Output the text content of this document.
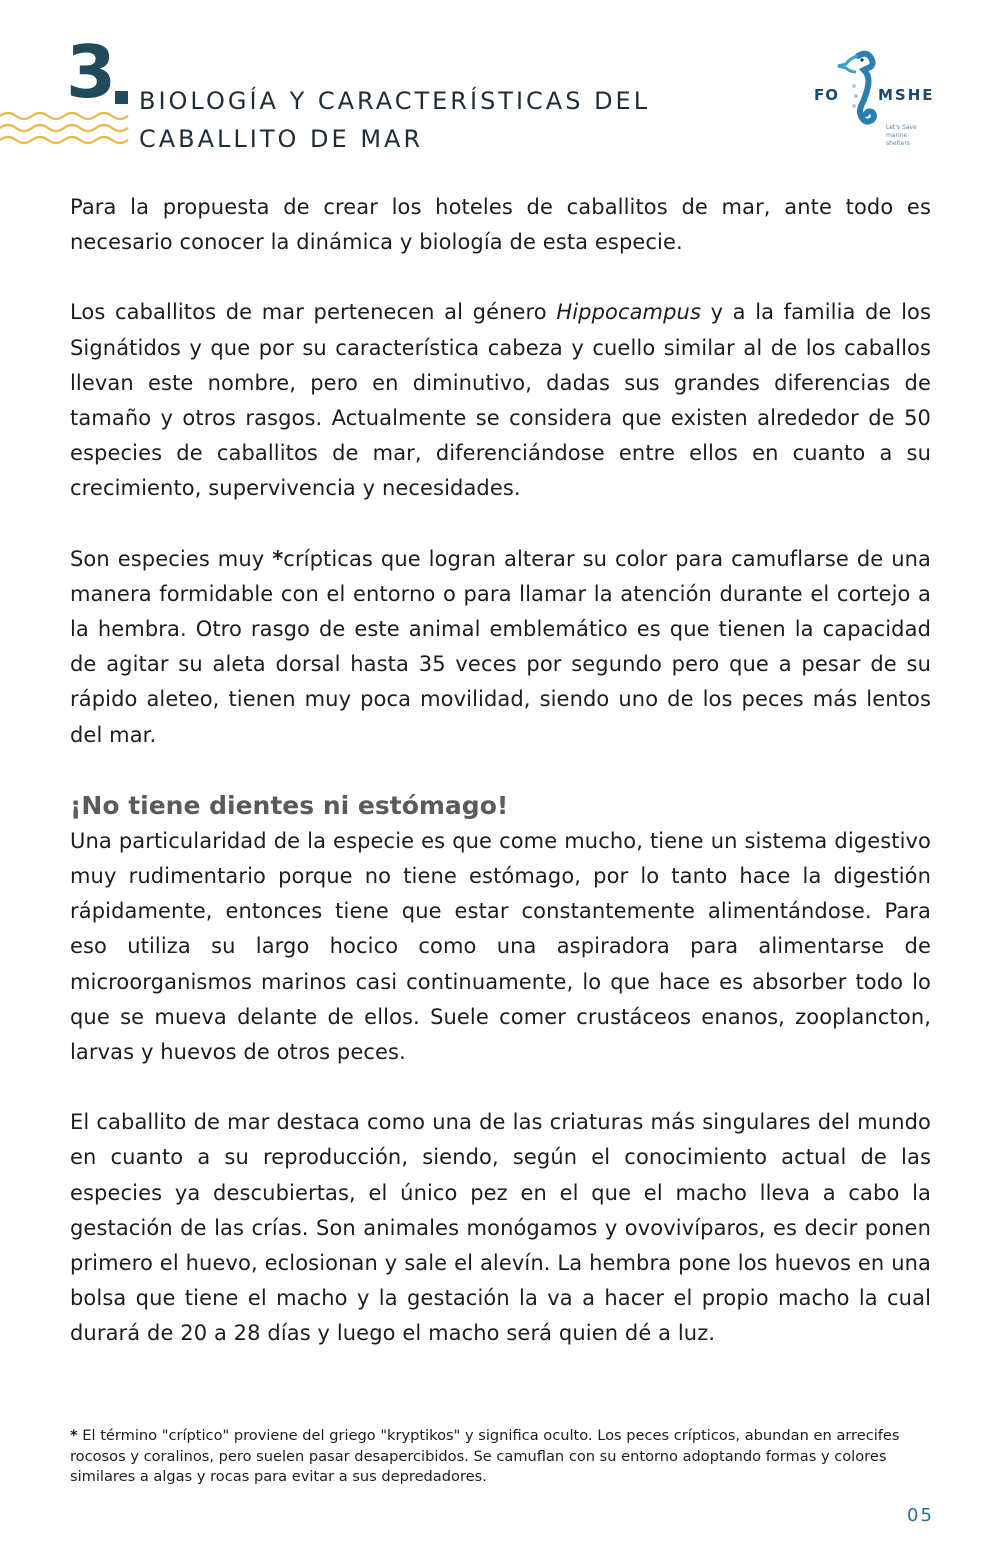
3 BIOLOGÍA Y CARACTERÍSTICAS DEL
CABALLITO DE MAR
FO	MSHE
Let's Save
marine shelters

Para la propuesta de crear los hoteles de caballitos de mar, ante todo es necesario conocer la dinámica y biología de esta especie.

Los caballitos de mar pertenecen al género Hippocampus y a la familia de los Signátidos y que por su característica cabeza y cuello similar al de los caballos llevan este nombre, pero en diminutivo, dadas sus grandes diferencias de tamaño y otros rasgos. Actualmente se considera que existen alrededor de 50 especies de caballitos de mar, diferenciándose entre ellos en cuanto a su crecimiento, supervivencia y necesidades.

Son especies muy *crípticas que logran alterar su color para camuflarse de una manera formidable con el entorno o para llamar la atención durante el cortejo a la hembra. Otro rasgo de este animal emblemático es que tienen la capacidad de agitar su aleta dorsal hasta 35 veces por segundo pero que a pesar de su rápido aleteo, tienen muy poca movilidad, siendo uno de los peces más lentos del mar.

¡No tiene dientes ni estómago!

Una particularidad de la especie es que come mucho, tiene un sistema digestivo muy rudimentario porque no tiene estómago, por lo tanto hace la digestión rápidamente, entonces tiene que estar constantemente alimentándose. Para eso utiliza su largo hocico como una aspiradora para alimentarse de microorganismos marinos casi continuamente, lo que hace es absorber todo lo que se mueva delante de ellos. Suele comer crustáceos enanos, zooplancton, larvas y huevos de otros peces.

El caballito de mar destaca como una de las criaturas más singulares del mundo en cuanto a su reproducción, siendo, según el conocimiento actual de las especies ya descubiertas, el único pez en el que el macho lleva a cabo la gestación de las crías. Son animales monógamos y ovovivíparos, es decir ponen primero el huevo, eclosionan y sale el alevín. La hembra pone los huevos en una bolsa que tiene el macho y la gestación la va a hacer el propio macho la cual durará de 20 a 28 días y luego el macho será quien dé a luz.

* El término "críptico" proviene del griego "kryptikos" y significa oculto. Los peces crípticos, abundan en arrecifes rocosos y coralinos, pero suelen pasar desapercibidos. Se camuflan con su entorno adoptando formas y colores similares a algas y rocas para evitar a sus depredadores.
05
